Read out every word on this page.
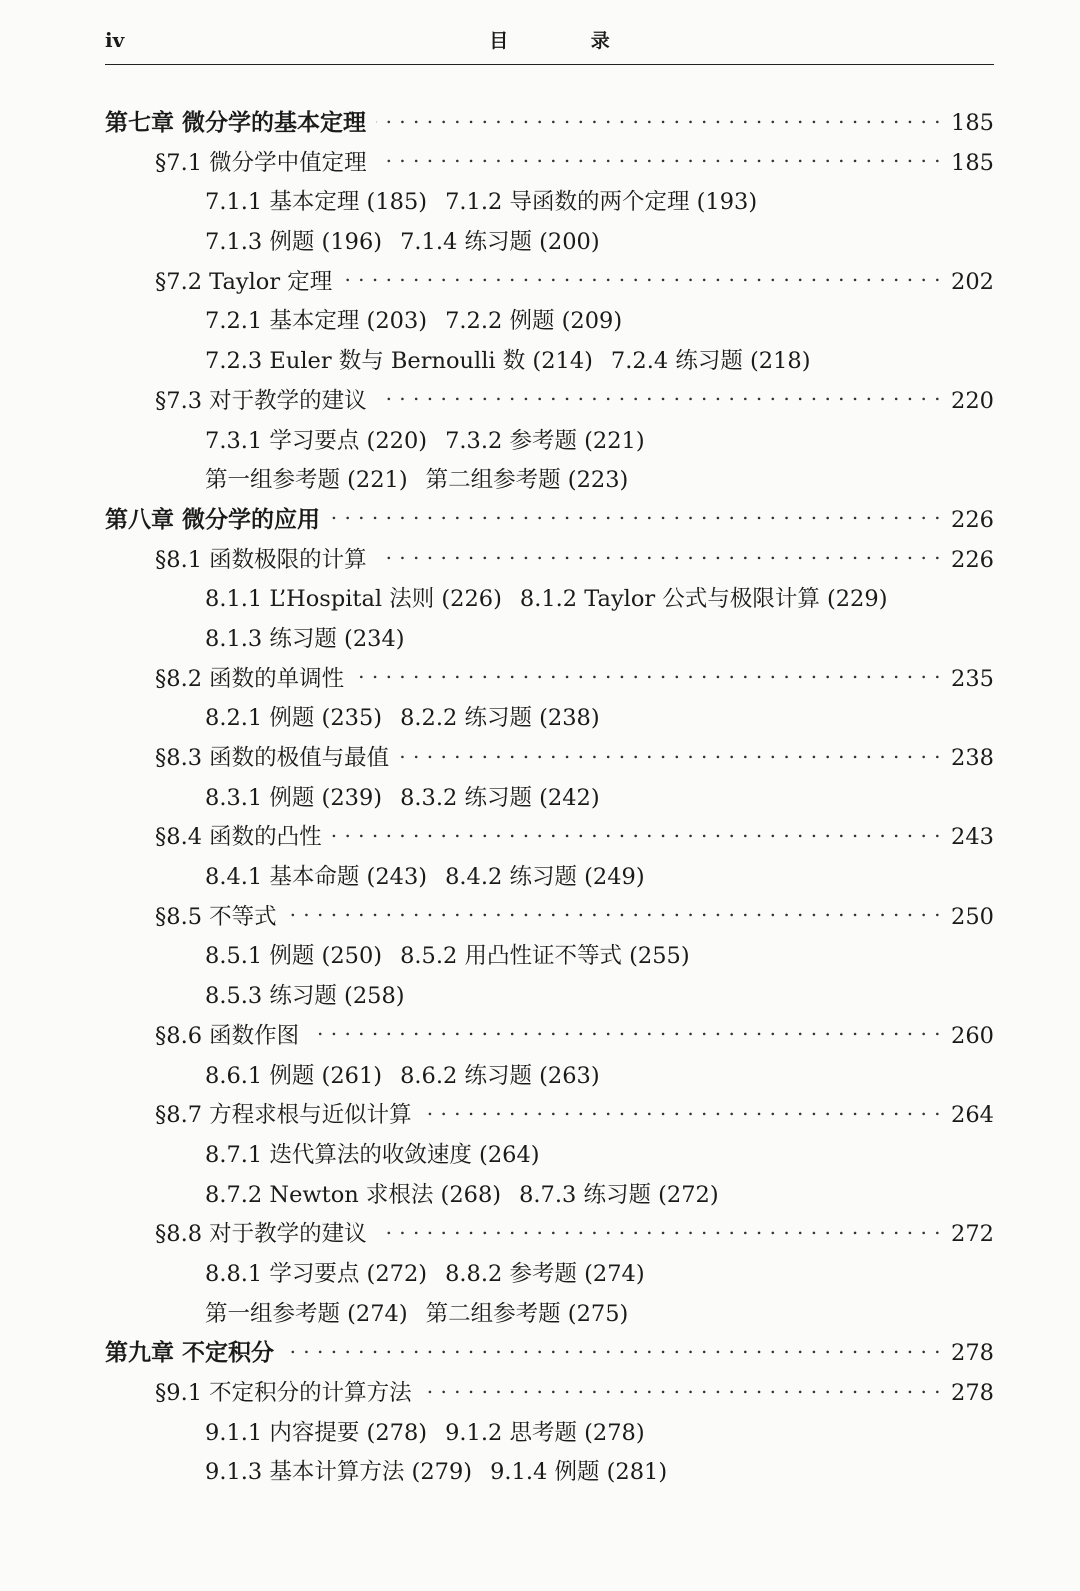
iv	目 录
第七章 微分学的基本定理 . . .	185
§7.1 微分学中值定理 . . .	185
7.1.1 基本定理 (185) 7.1.2 导函数的两个定理 (193)
7.1.3 例题 (196) 7.1.4 练习题 (200)
§7.2 Taylor 定理 . . .	202
7.2.1 基本定理 (203) 7.2.2 例题 (209)
7.2.3 Euler 数与 Bernoulli 数 (214) 7.2.4 练习题 (218)
§7.3 对于教学的建议 . . .	220
7.3.1 学习要点 (220) 7.3.2 参考题 (221)
第一组参考题 (221) 第二组参考题 (223)
第八章 微分学的应用 . . .	226
§8.1 函数极限的计算 . . .	226
8.1.1 L’Hospital 法则 (226) 8.1.2 Taylor 公式与极限计算 (229)
8.1.3 练习题 (234)
§8.2 函数的单调性 . . .	235
8.2.1 例题 (235) 8.2.2 练习题 (238)
§8.3 函数的极值与最值 . . .	238
8.3.1 例题 (239) 8.3.2 练习题 (242)
§8.4 函数的凸性 . . .	243
8.4.1 基本命题 (243) 8.4.2 练习题 (249)
§8.5 不等式 . . .	250
8.5.1 例题 (250) 8.5.2 用凸性证不等式 (255)
8.5.3 练习题 (258)
§8.6 函数作图 . . .	260
8.6.1 例题 (261) 8.6.2 练习题 (263)
§8.7 方程求根与近似计算 . . .	264
8.7.1 迭代算法的收敛速度 (264)
8.7.2 Newton 求根法 (268) 8.7.3 练习题 (272)
§8.8 对于教学的建议 . . .	272
8.8.1 学习要点 (272) 8.8.2 参考题 (274)
第一组参考题 (274) 第二组参考题 (275)
第九章 不定积分 . . .	278
§9.1 不定积分的计算方法 . . .	278
9.1.1 内容提要 (278) 9.1.2 思考题 (278)
9.1.3 基本计算方法 (279) 9.1.4 例题 (281)
